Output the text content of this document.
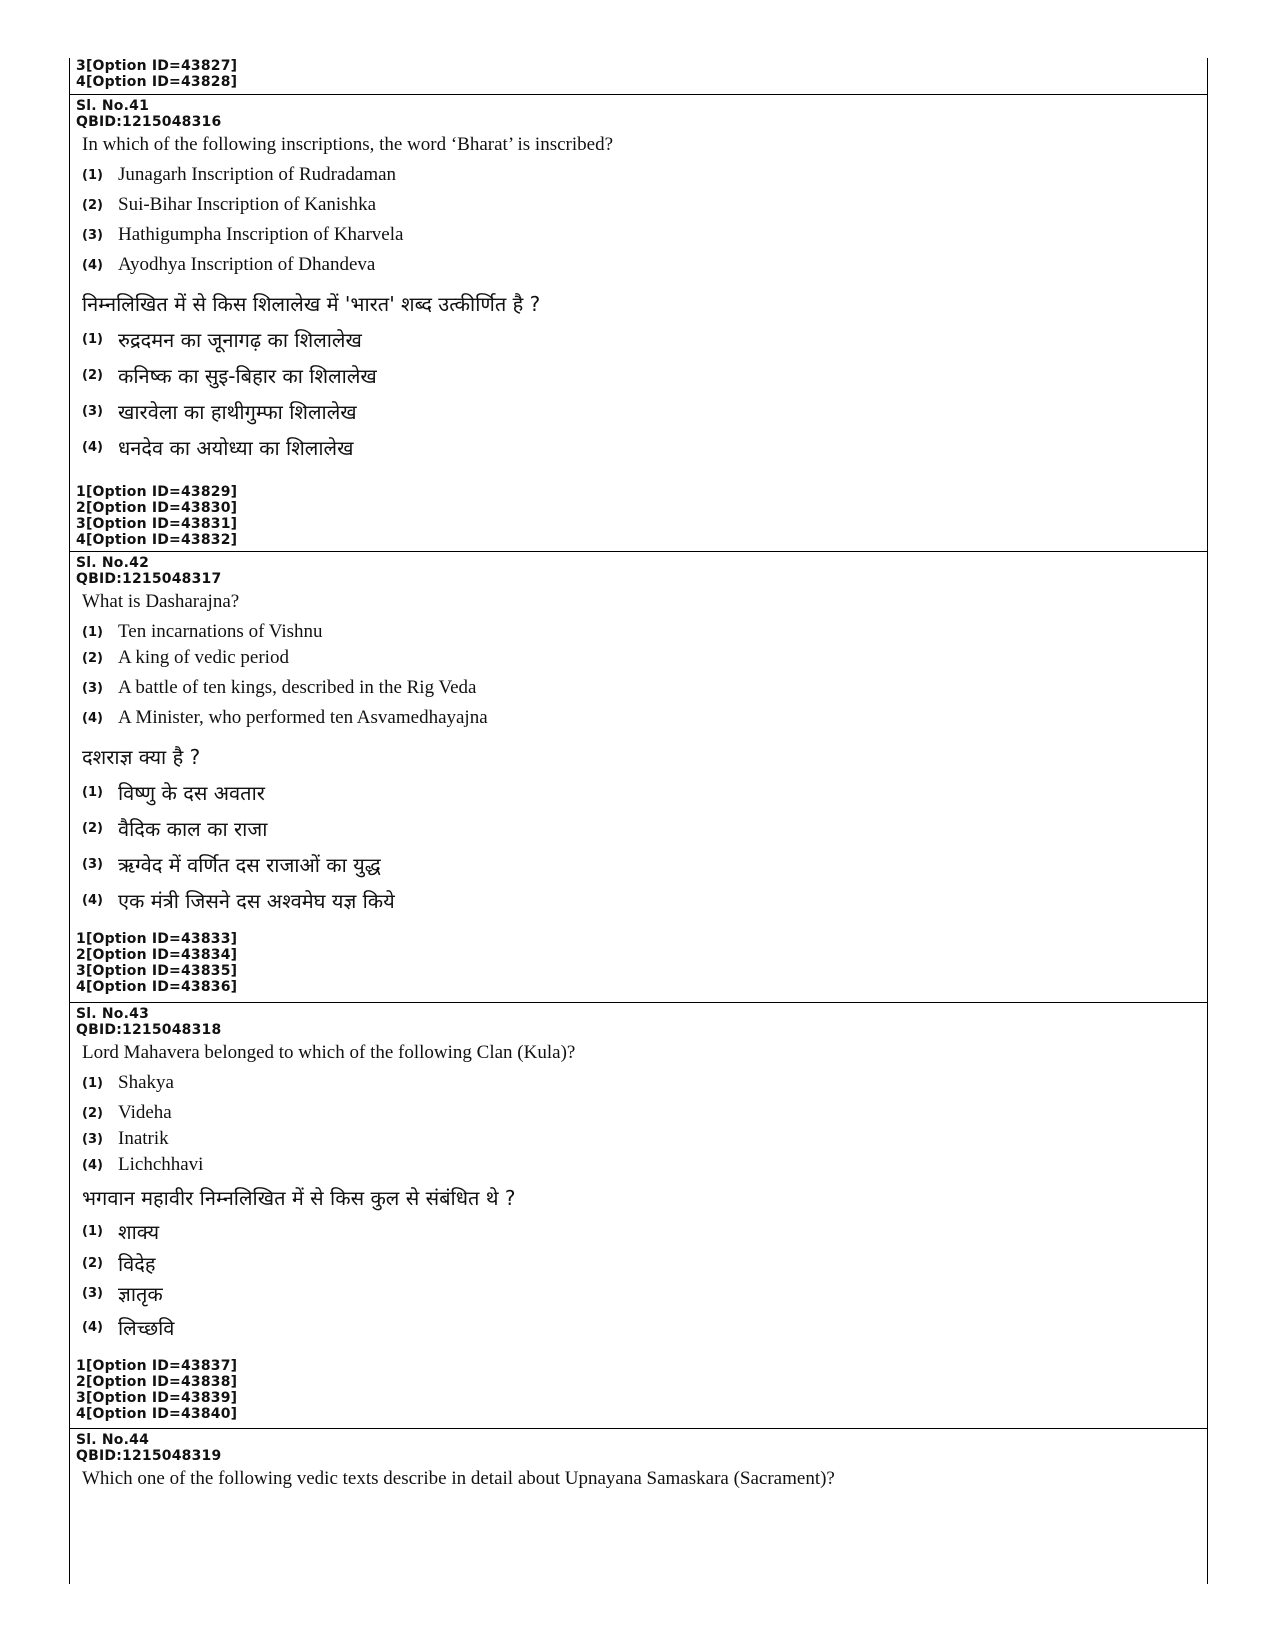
3[Option ID=43827]
4[Option ID=43828]
Sl. No.41
QBID:1215048316
In which of the following inscriptions, the word ‘Bharat’ is inscribed?
(1) Junagarh Inscription of Rudradaman
(2) Sui-Bihar Inscription of Kanishka
(3) Hathigumpha Inscription of Kharvela
(4) Ayodhya Inscription of Dhandeva
निम्नलिखित में से किस शिलालेख में 'भारत' शब्द उत्कीर्णित है ?
(1) रुद्रदमन का जूनागढ़ का शिलालेख
(2) कनिष्क का सुइ-बिहार का शिलालेख
(3) खारवेला का हाथीगुम्फा शिलालेख
(4) धनदेव का अयोध्या का शिलालेख
1[Option ID=43829]
2[Option ID=43830]
3[Option ID=43831]
4[Option ID=43832]
Sl. No.42
QBID:1215048317
What is Dasharajna?
(1) Ten incarnations of Vishnu
(2) A king of vedic period
(3) A battle of ten kings, described in the Rig Veda
(4) A Minister, who performed ten Asvamedhayajna
दशराज्ञ क्या है ?
(1) विष्णु के दस अवतार
(2) वैदिक काल का राजा
(3) ऋग्वेद में वर्णित दस राजाओं का युद्ध
(4) एक मंत्री जिसने दस अश्वमेघ यज्ञ किये
1[Option ID=43833]
2[Option ID=43834]
3[Option ID=43835]
4[Option ID=43836]
Sl. No.43
QBID:1215048318
Lord Mahavera belonged to which of the following Clan (Kula)?
(1) Shakya
(2) Videha
(3) Inatrik
(4) Lichchhavi
भगवान महावीर निम्नलिखित में से किस कुल से संबंधित थे ?
(1) शाक्य
(2) विदेह
(3) ज्ञातृक
(4) लिच्छवि
1[Option ID=43837]
2[Option ID=43838]
3[Option ID=43839]
4[Option ID=43840]
Sl. No.44
QBID:1215048319
Which one of the following vedic texts describe in detail about Upnayana Samaskara (Sacrament)?
